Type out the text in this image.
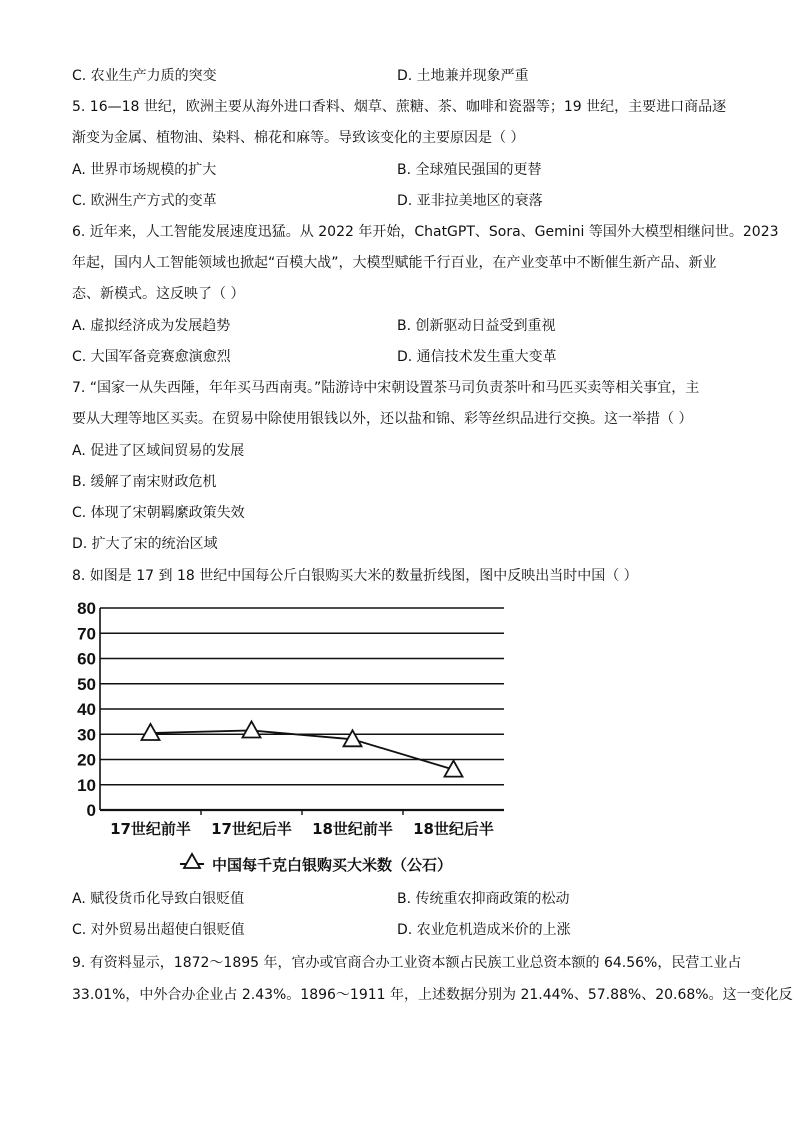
C. 农业生产力质的突变	D. 土地兼并现象严重
5. 16—18 世纪，欧洲主要从海外进口香料、烟草、蔗糖、茶、咖啡和瓷器等；19 世纪，主要进口商品逐
渐变为金属、植物油、染料、棉花和麻等。导致该变化的主要原因是（ ）
A. 世界市场规模的扩大	B. 全球殖民强国的更替
C. 欧洲生产方式的变革	D. 亚非拉美地区的衰落
6. 近年来，人工智能发展速度迅猛。从 2022 年开始，ChatGPT、Sora、Gemini 等国外大模型相继问世。2023
年起，国内人工智能领域也掀起“百模大战”，大模型赋能千行百业，在产业变革中不断催生新产品、新业
态、新模式。这反映了（ ）
A. 虚拟经济成为发展趋势	B. 创新驱动日益受到重视
C. 大国军备竞赛愈演愈烈	D. 通信技术发生重大变革
7. “国家一从失西陲，年年买马西南夷。”陆游诗中宋朝设置茶马司负责茶叶和马匹买卖等相关事宜，主
要从大理等地区买卖。在贸易中除使用银钱以外，还以盐和锦、彩等丝织品进行交换。这一举措（ ）
A. 促进了区域间贸易的发展
B. 缓解了南宋财政危机
C. 体现了宋朝羁縻政策失效
D. 扩大了宋的统治区域
8. 如图是 17 到 18 世纪中国每公斤白银购买大米的数量折线图，图中反映出当时中国（ ）
0
10
20
30
40
50
60
70
80
17世纪前半 17世纪后半 18世纪前半 18世纪后半
中国每千克白银购买大米数（公石）
A. 赋役货币化导致白银贬值	B. 传统重农抑商政策的松动
C. 对外贸易出超使白银贬值	D. 农业危机造成米价的上涨
9. 有资料显示，1872～1895 年，官办或官商合办工业资本额占民族工业总资本额的 64.56%，民营工业占
33.01%，中外合办企业占 2.43%。1896～1911 年，上述数据分别为 21.44%、57.88%、20.68%。这一变化反
